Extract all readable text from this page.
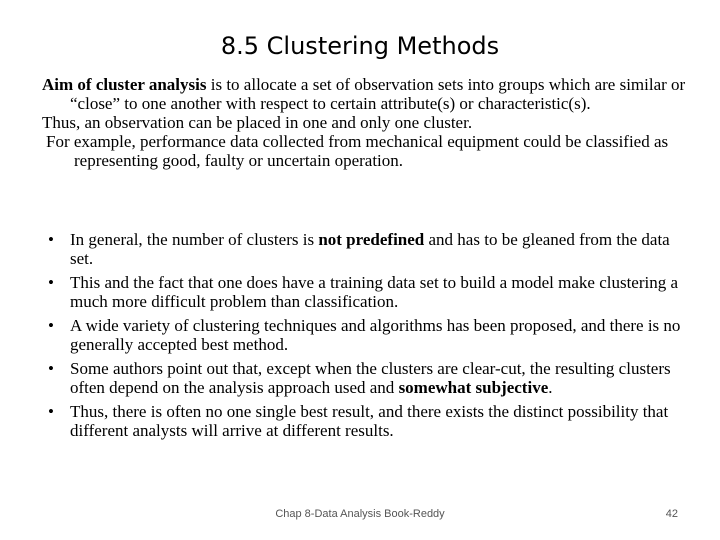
8.5 Clustering Methods

Aim of cluster analysis is to allocate a set of observation sets into groups which are similar or “close” to one another with respect to certain attribute(s) or characteristic(s).

Thus, an observation can be placed in one and only one cluster.

For example, performance data collected from mechanical equipment could be classified as representing good, faulty or uncertain operation.

• In general, the number of clusters is not predefined and has to be gleaned from the data set.
• This and the fact that one does have a training data set to build a model make clustering a much more difficult problem than classification.
• A wide variety of clustering techniques and algorithms has been proposed, and there is no generally accepted best method.
• Some authors point out that, except when the clusters are clear-cut, the resulting clusters often depend on the analysis approach used and somewhat subjective.
• Thus, there is often no one single best result, and there exists the distinct possibility that different analysts will arrive at different results.
Chap 8-Data Analysis Book-Reddy	42
